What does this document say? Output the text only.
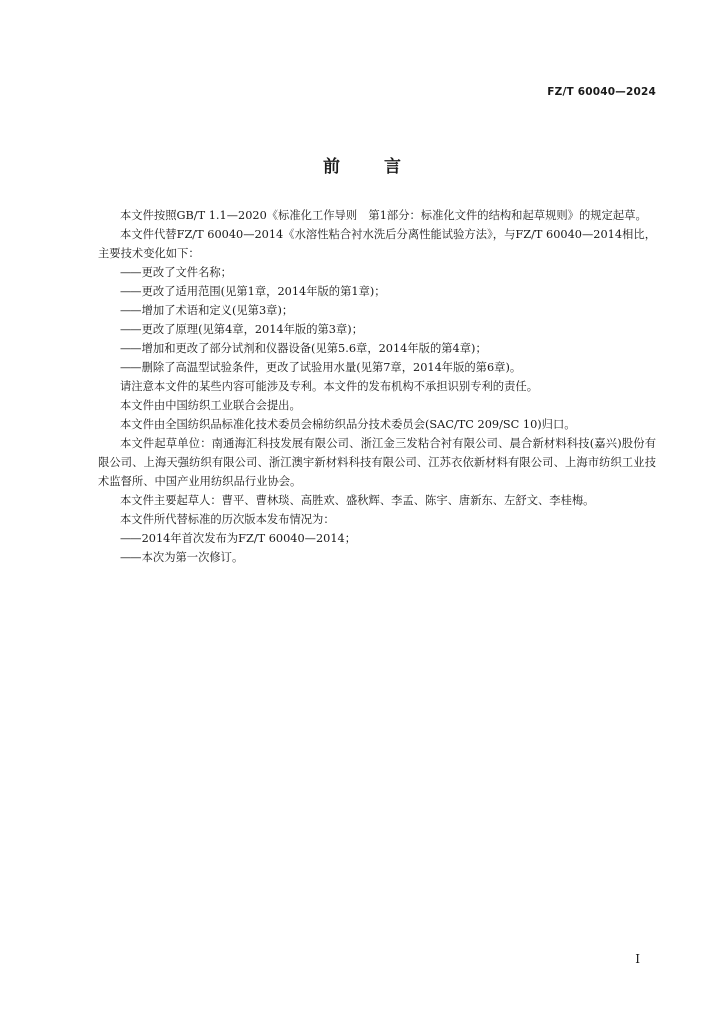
FZ/T 60040—2024
前	言

本文件按照GB/T 1.1—2020《标准化工作导则　第1部分：标准化文件的结构和起草规则》的规定起草。

本文件代替FZ/T 60040—2014《水溶性粘合衬水洗后分离性能试验方法》，与FZ/T 60040—2014相比，主要技术变化如下：

—— 更改了文件名称；

—— 更改了适用范围(见第1章，2014年版的第1章)；

—— 增加了术语和定义(见第3章)；

—— 更改了原理(见第4章，2014年版的第3章)；

—— 增加和更改了部分试剂和仪器设备(见第5.6章，2014年版的第4章)；

—— 删除了高温型试验条件，更改了试验用水量(见第7章，2014年版的第6章)。

请注意本文件的某些内容可能涉及专利。本文件的发布机构不承担识别专利的责任。

本文件由中国纺织工业联合会提出。

本文件由全国纺织品标准化技术委员会棉纺织品分技术委员会(SAC/TC 209/SC 10)归口。

本文件起草单位：南通海汇科技发展有限公司、浙江金三发粘合衬有限公司、晨合新材料科技(嘉兴)股份有限公司、上海天强纺织有限公司、浙江澳宇新材料科技有限公司、江苏衣依新材料有限公司、上海市纺织工业技术监督所、中国产业用纺织品行业协会。

本文件主要起草人：曹平、曹林琰、高胜欢、盛秋辉、李孟、陈宇、唐新东、左舒文、李桂梅。

本文件所代替标准的历次版本发布情况为：

—— 2014年首次发布为FZ/T 60040—2014；

—— 本次为第一次修订。

I
